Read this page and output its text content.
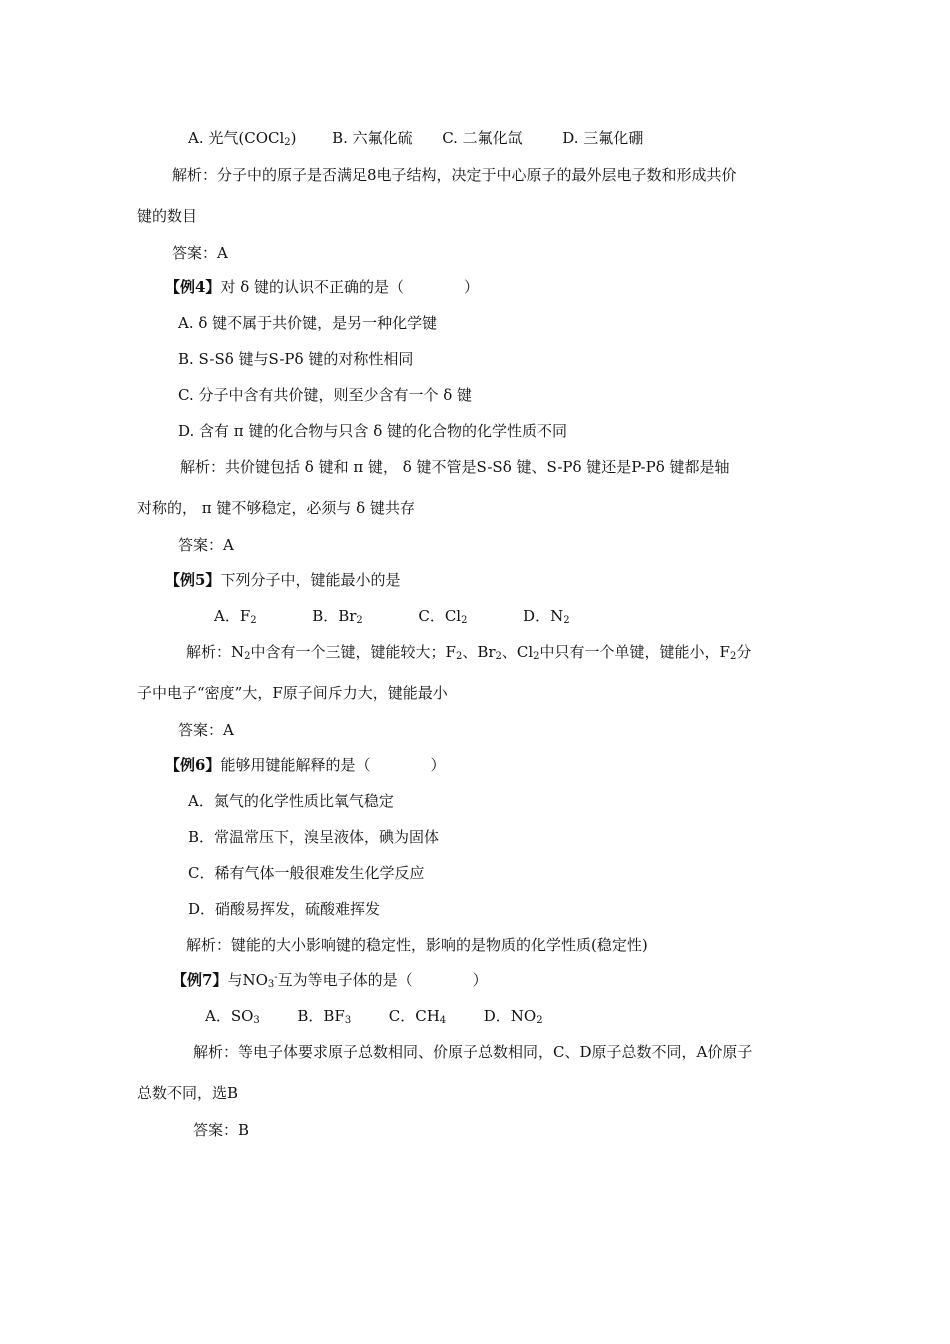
A. 光气(COCl$_2$) B. 六氟化硫 C. 二氟化氙	D. 三氟化硼
解析：分子中的原子是否满足8电子结构，决定于中心原子的最外层电子数和形成共价
键的数目
答案：A
【例4】对 δ 键的认识不正确的是（　　　　）
A. δ 键不属于共价键，是另一种化学键
B. S-Sδ 键与S-Pδ 键的对称性相同
C. 分子中含有共价键，则至少含有一个 δ 键
D. 含有 π 键的化合物与只含 δ 键的化合物的化学性质不同
解析：共价键包括 δ 键和 π 键， δ 键不管是S-Sδ 键、S-Pδ 键还是P-Pδ 键都是轴
对称的， π 键不够稳定，必须与 δ 键共存
答案：A
【例5】下列分子中，键能最小的是
A．$F_2$	B．$Br_2$	C．$Cl_2$	D．$N_2$
解析：$N_2$中含有一个三键，键能较大；$F_2$、$Br_2$、$Cl_2$中只有一个单键，键能小，$F_2$分
子中电子“密度”大，F原子间斥力大，键能最小
答案：A
【例6】能够用键能解释的是（　　　　）
A．氮气的化学性质比氧气稳定
B．常温常压下，溴呈液体，碘为固体
C．稀有气体一般很难发生化学反应
D．硝酸易挥发，硫酸难挥发
解析：键能的大小影响键的稳定性，影响的是物质的化学性质(稳定性)
【例7】与$NO_3^-$互为等电子体的是（　　　　）
A．$SO_3$	B．$BF_3$	C．$CH_4$	D．$NO_2$
解析：等电子体要求原子总数相同、价原子总数相同，C、D原子总数不同，A价原子
总数不同，选B
答案：B
